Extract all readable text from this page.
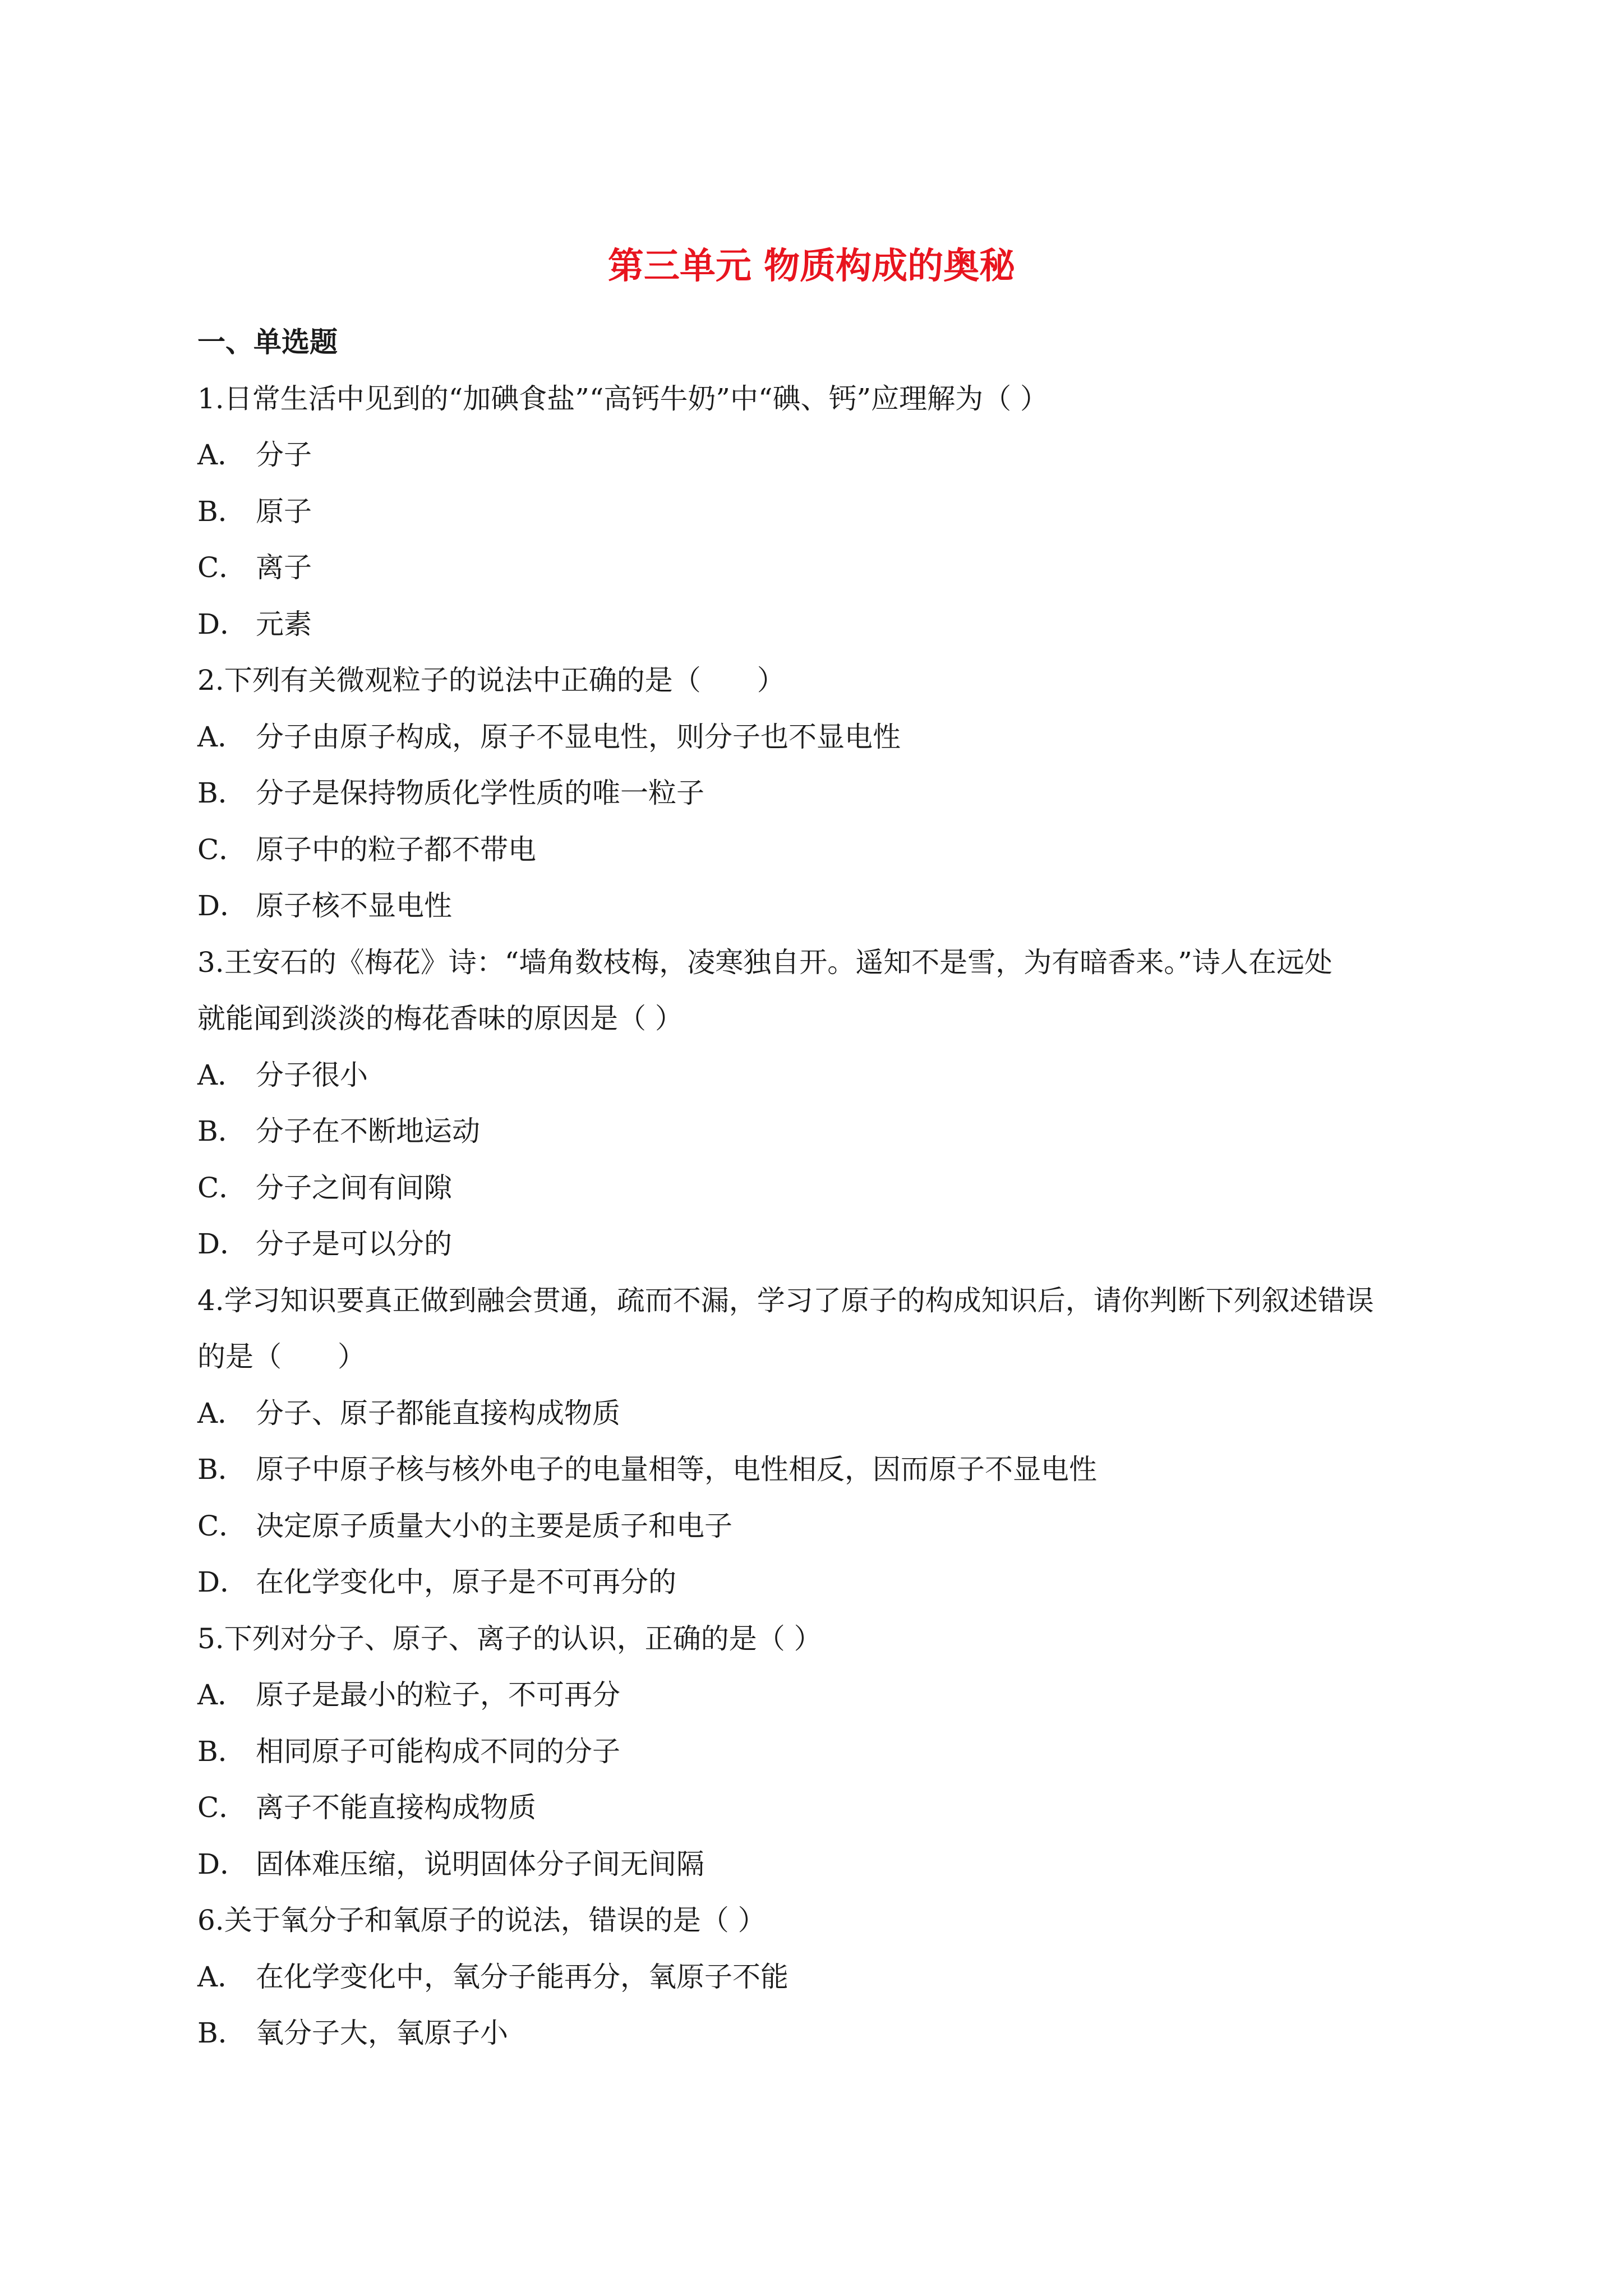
第三单元 物质构成的奥秘
一、单选题
1.日常生活中见到的“加碘食盐”“高钙牛奶”中“碘、钙”应理解为（ ）
A． 分子
B． 原子
C． 离子
D． 元素
2.下列有关微观粒子的说法中正确的是（　　）
A． 分子由原子构成，原子不显电性，则分子也不显电性
B． 分子是保持物质化学性质的唯一粒子
C． 原子中的粒子都不带电
D． 原子核不显电性
3.王安石的《梅花》诗：“墙角数枝梅，凌寒独自开。遥知不是雪，为有暗香来。”诗人在远处
就能闻到淡淡的梅花香味的原因是（ ）
A． 分子很小
B． 分子在不断地运动
C． 分子之间有间隙
D． 分子是可以分的
4.学习知识要真正做到融会贯通，疏而不漏，学习了原子的构成知识后，请你判断下列叙述错误
的是（　　）
A． 分子、原子都能直接构成物质
B． 原子中原子核与核外电子的电量相等，电性相反，因而原子不显电性
C． 决定原子质量大小的主要是质子和电子
D． 在化学变化中，原子是不可再分的
5.下列对分子、原子、离子的认识，正确的是（ ）
A． 原子是最小的粒子，不可再分
B． 相同原子可能构成不同的分子
C． 离子不能直接构成物质
D． 固体难压缩，说明固体分子间无间隔
6.关于氧分子和氧原子的说法，错误的是（ ）
A． 在化学变化中，氧分子能再分，氧原子不能
B． 氧分子大，氧原子小
